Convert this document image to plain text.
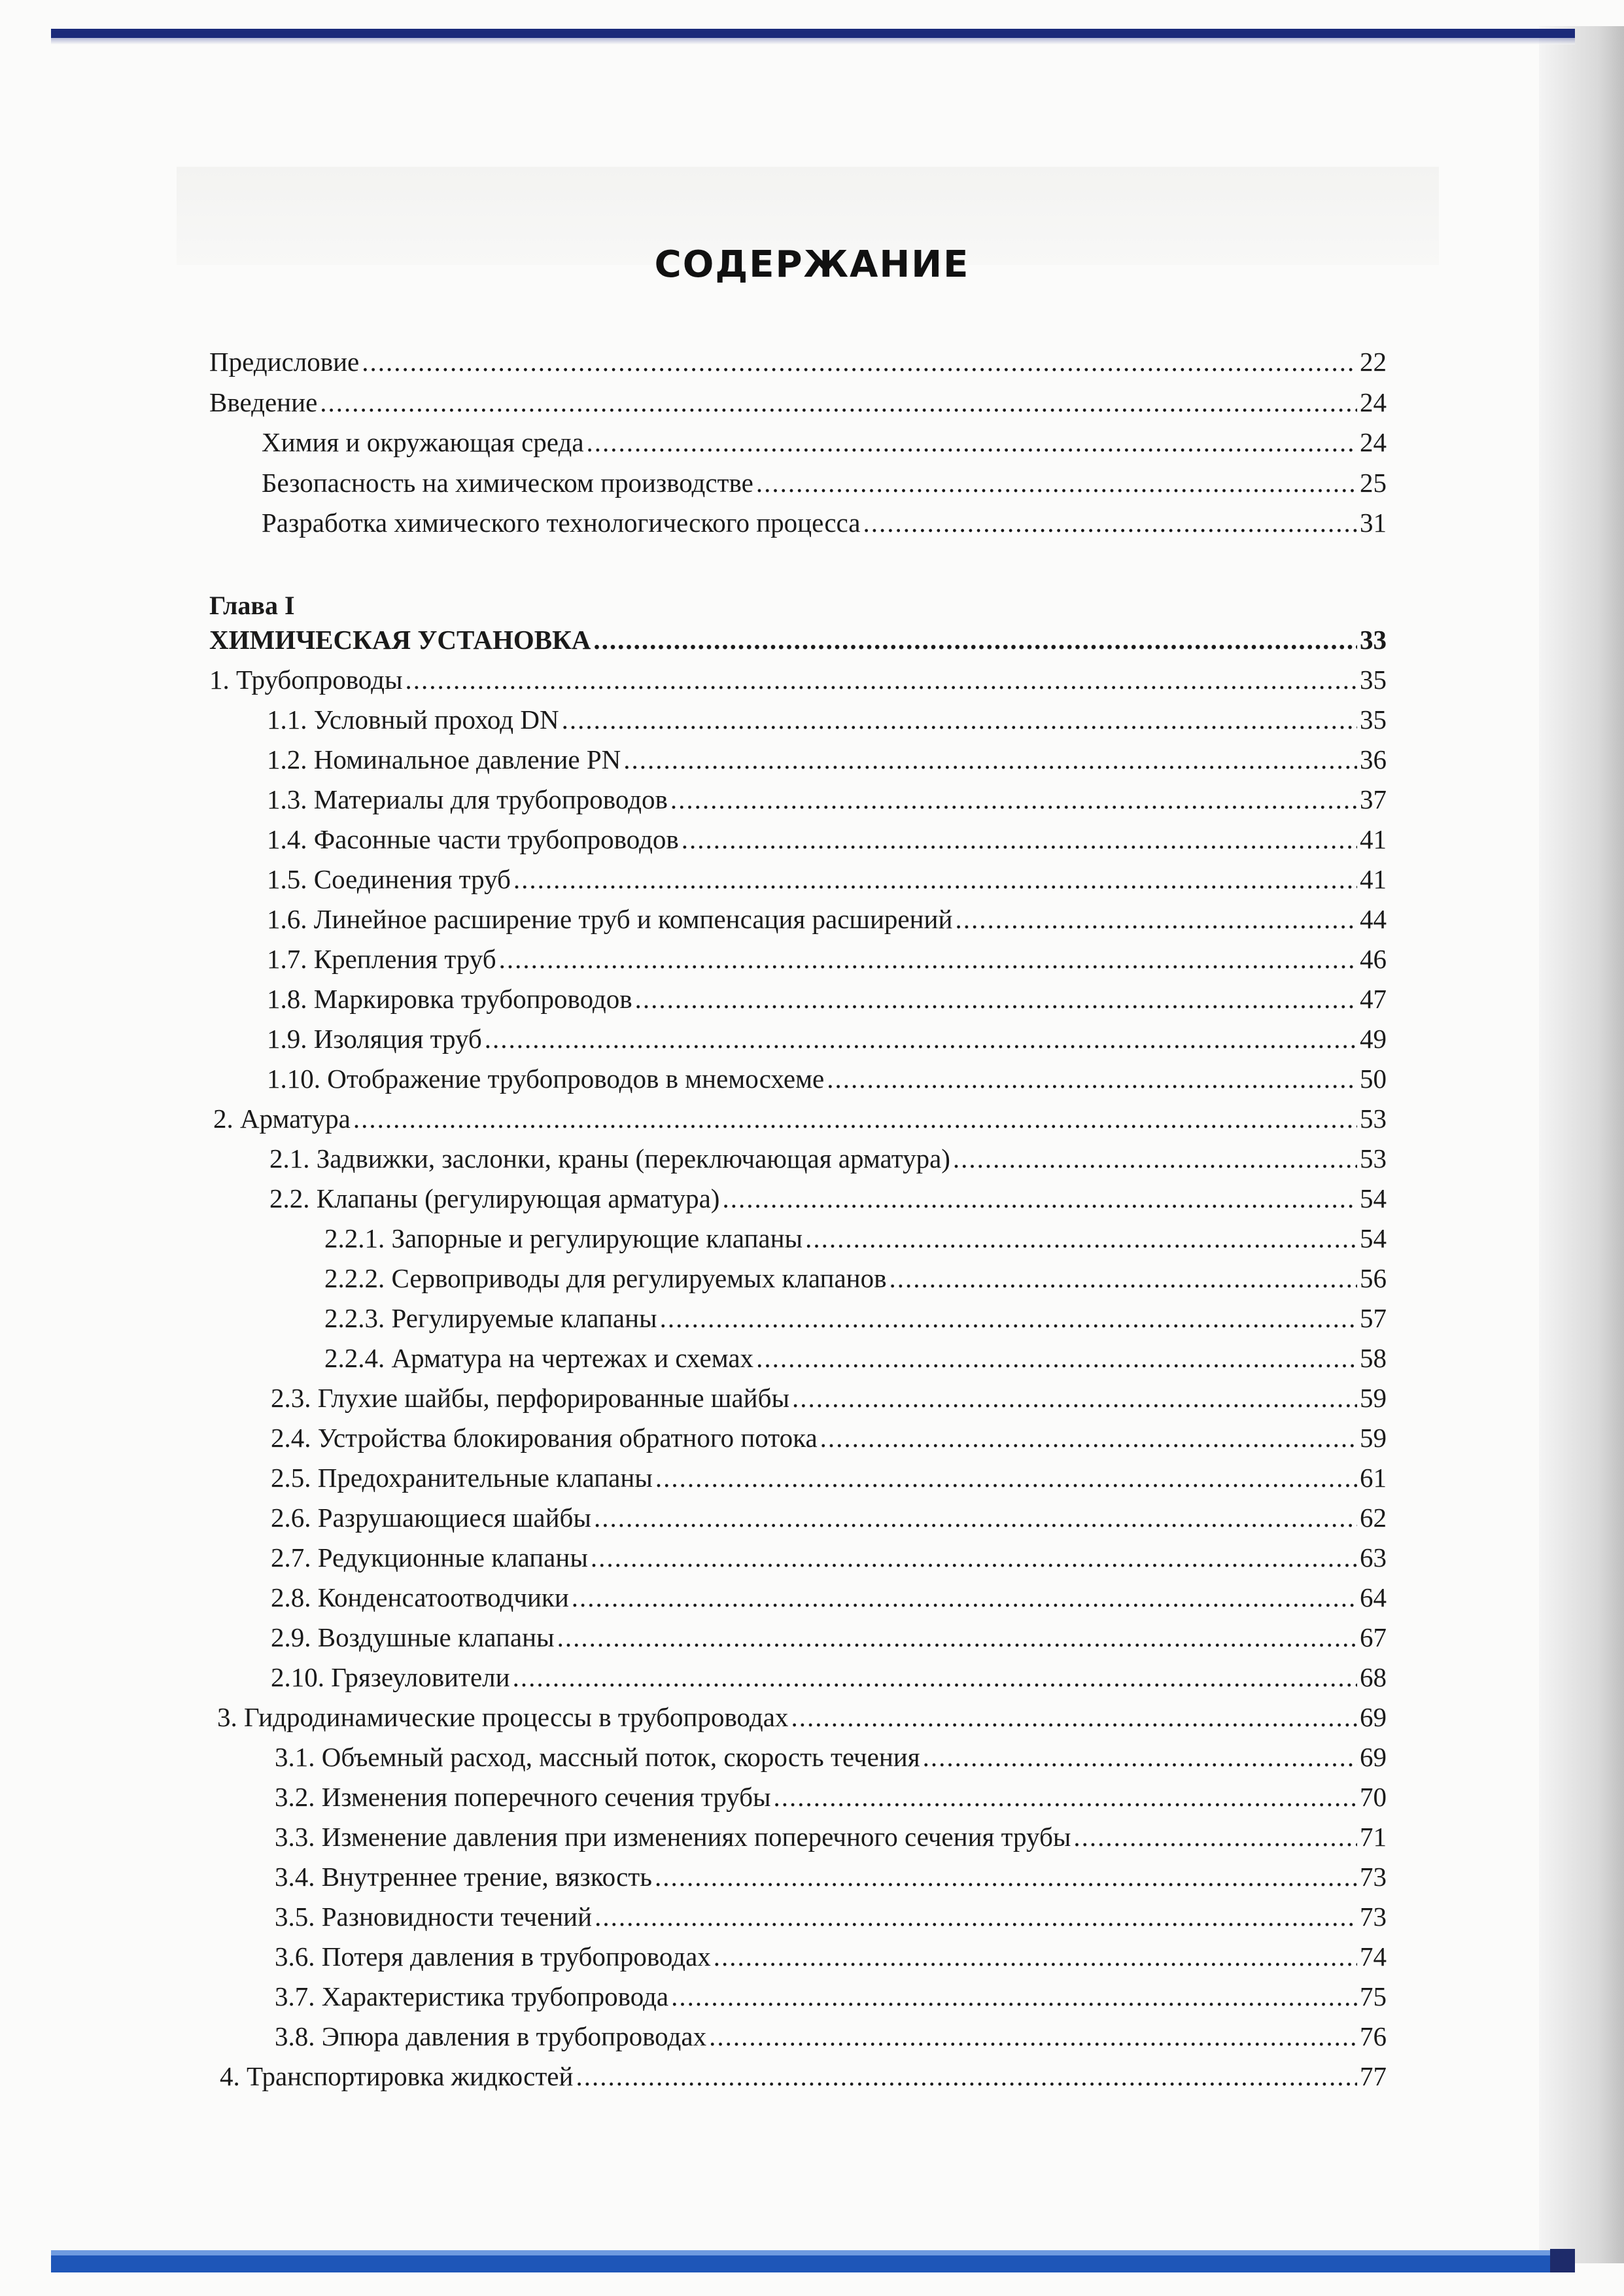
СОДЕРЖАНИЕ
Предисловие .....	22
Введение .....	24
Химия и окружающая среда .....	24
Безопасность на химическом производстве .....	25
Разработка химического технологического процесса .....	31
Глава I
ХИМИЧЕСКАЯ УСТАНОВКА .....	33
1. Трубопроводы .....	35
1.1. Условный проход DN .....	35
1.2. Номинальное давление PN .....	36
1.3. Материалы для трубопроводов .....	37
1.4. Фасонные части трубопроводов .....	41
1.5. Соединения труб .....	41
1.6. Линейное расширение труб и компенсация расширений .....	44
1.7. Крепления труб .....	46
1.8. Маркировка трубопроводов .....	47
1.9. Изоляция труб .....	49
1.10. Отображение трубопроводов в мнемосхеме .....	50
2. Арматура .....	53
2.1. Задвижки, заслонки, краны (переключающая арматура) .....	53
2.2. Клапаны (регулирующая арматура) .....	54
2.2.1. Запорные и регулирующие клапаны .....	54
2.2.2. Сервоприводы для регулируемых клапанов .....	56
2.2.3. Регулируемые клапаны .....	57
2.2.4. Арматура на чертежах и схемах .....	58
2.3. Глухие шайбы, перфорированные шайбы .....	59
2.4. Устройства блокирования обратного потока .....	59
2.5. Предохранительные клапаны .....	61
2.6. Разрушающиеся шайбы .....	62
2.7. Редукционные клапаны .....	63
2.8. Конденсатоотводчики .....	64
2.9. Воздушные клапаны .....	67
2.10. Грязеуловители .....	68
3. Гидродинамические процессы в трубопроводах .....	69
3.1. Объемный расход, массный поток, скорость течения .....	69
3.2. Изменения поперечного сечения трубы .....	70
3.3. Изменение давления при изменениях поперечного сечения трубы .....	71
3.4. Внутреннее трение, вязкость .....	73
3.5. Разновидности течений .....	73
3.6. Потеря давления в трубопроводах .....	74
3.7. Характеристика трубопровода .....	75
3.8. Эпюра давления в трубопроводах .....	76
4. Транспортировка жидкостей .....	77
